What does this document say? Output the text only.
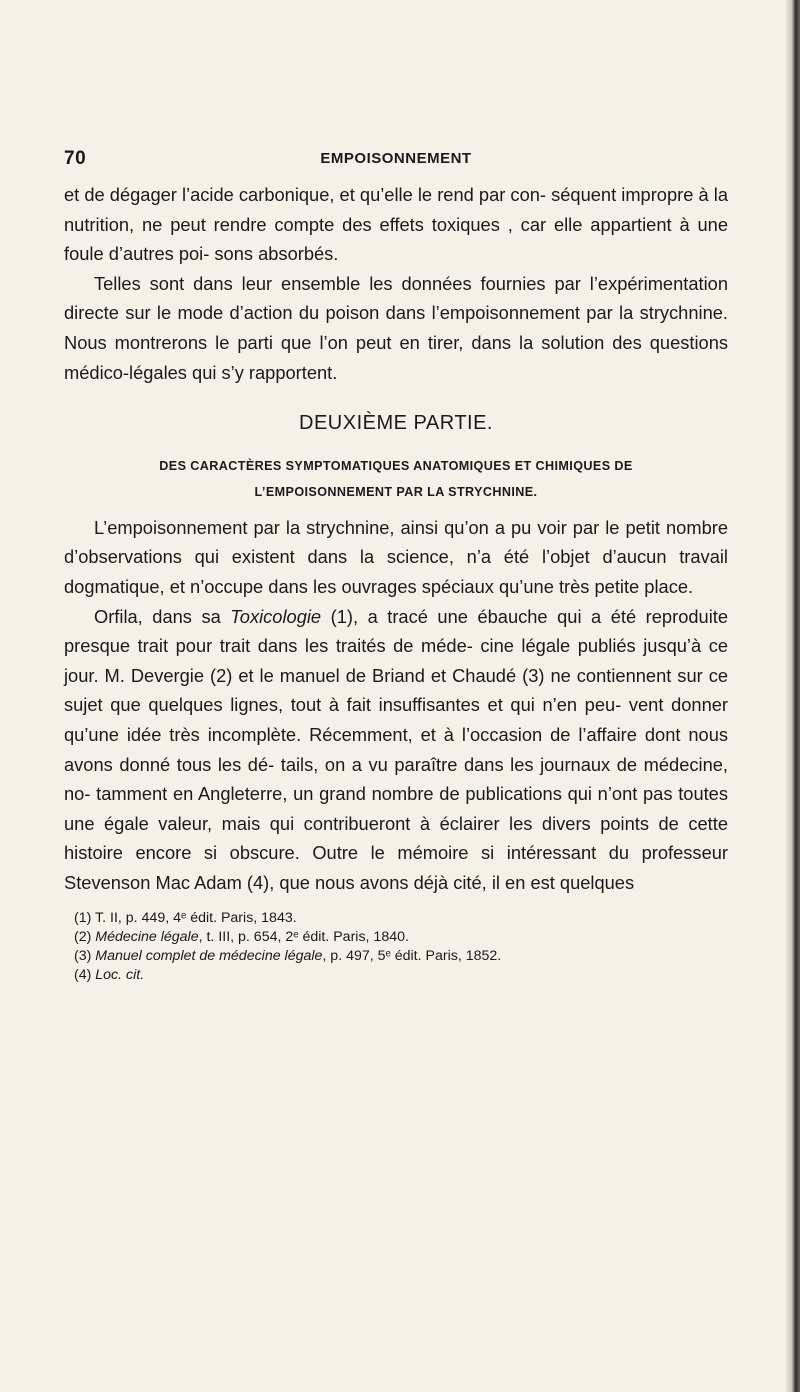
70	EMPOISONNEMENT

et de dégager l’acide carbonique, et qu’elle le rend par con- séquent impropre à la nutrition, ne peut rendre compte des effets toxiques , car elle appartient à une foule d’autres poi- sons absorbés.

Telles sont dans leur ensemble les données fournies par l’expérimentation directe sur le mode d’action du poison dans l’empoisonnement par la strychnine. Nous montrerons le parti que l’on peut en tirer, dans la solution des questions médico-légales qui s’y rapportent.

DEUXIÈME PARTIE.
DES CARACTÈRES SYMPTOMATIQUES ANATOMIQUES ET CHIMIQUES DE
L’EMPOISONNEMENT PAR LA STRYCHNINE.

L’empoisonnement par la strychnine, ainsi qu’on a pu voir par le petit nombre d’observations qui existent dans la science, n’a été l’objet d’aucun travail dogmatique, et n’occupe dans les ouvrages spéciaux qu’une très petite place.

Orfila, dans sa Toxicologie (1), a tracé une ébauche qui a été reproduite presque trait pour trait dans les traités de méde- cine légale publiés jusqu’à ce jour. M. Devergie (2) et le manuel de Briand et Chaudé (3) ne contiennent sur ce sujet que quelques lignes, tout à fait insuffisantes et qui n’en peu- vent donner qu’une idée très incomplète. Récemment, et à l’occasion de l’affaire dont nous avons donné tous les dé- tails, on a vu paraître dans les journaux de médecine, no- tamment en Angleterre, un grand nombre de publications qui n’ont pas toutes une égale valeur, mais qui contribueront à éclairer les divers points de cette histoire encore si obscure. Outre le mémoire si intéressant du professeur Stevenson Mac Adam (4), que nous avons déjà cité, il en est quelques

(1) T. II, p. 449, 4ᵉ édit. Paris, 1843.
(2) Médecine légale, t. III, p. 654, 2ᵉ édit. Paris, 1840.
(3) Manuel complet de médecine légale, p. 497, 5ᵉ édit. Paris, 1852.
(4) Loc. cit.
